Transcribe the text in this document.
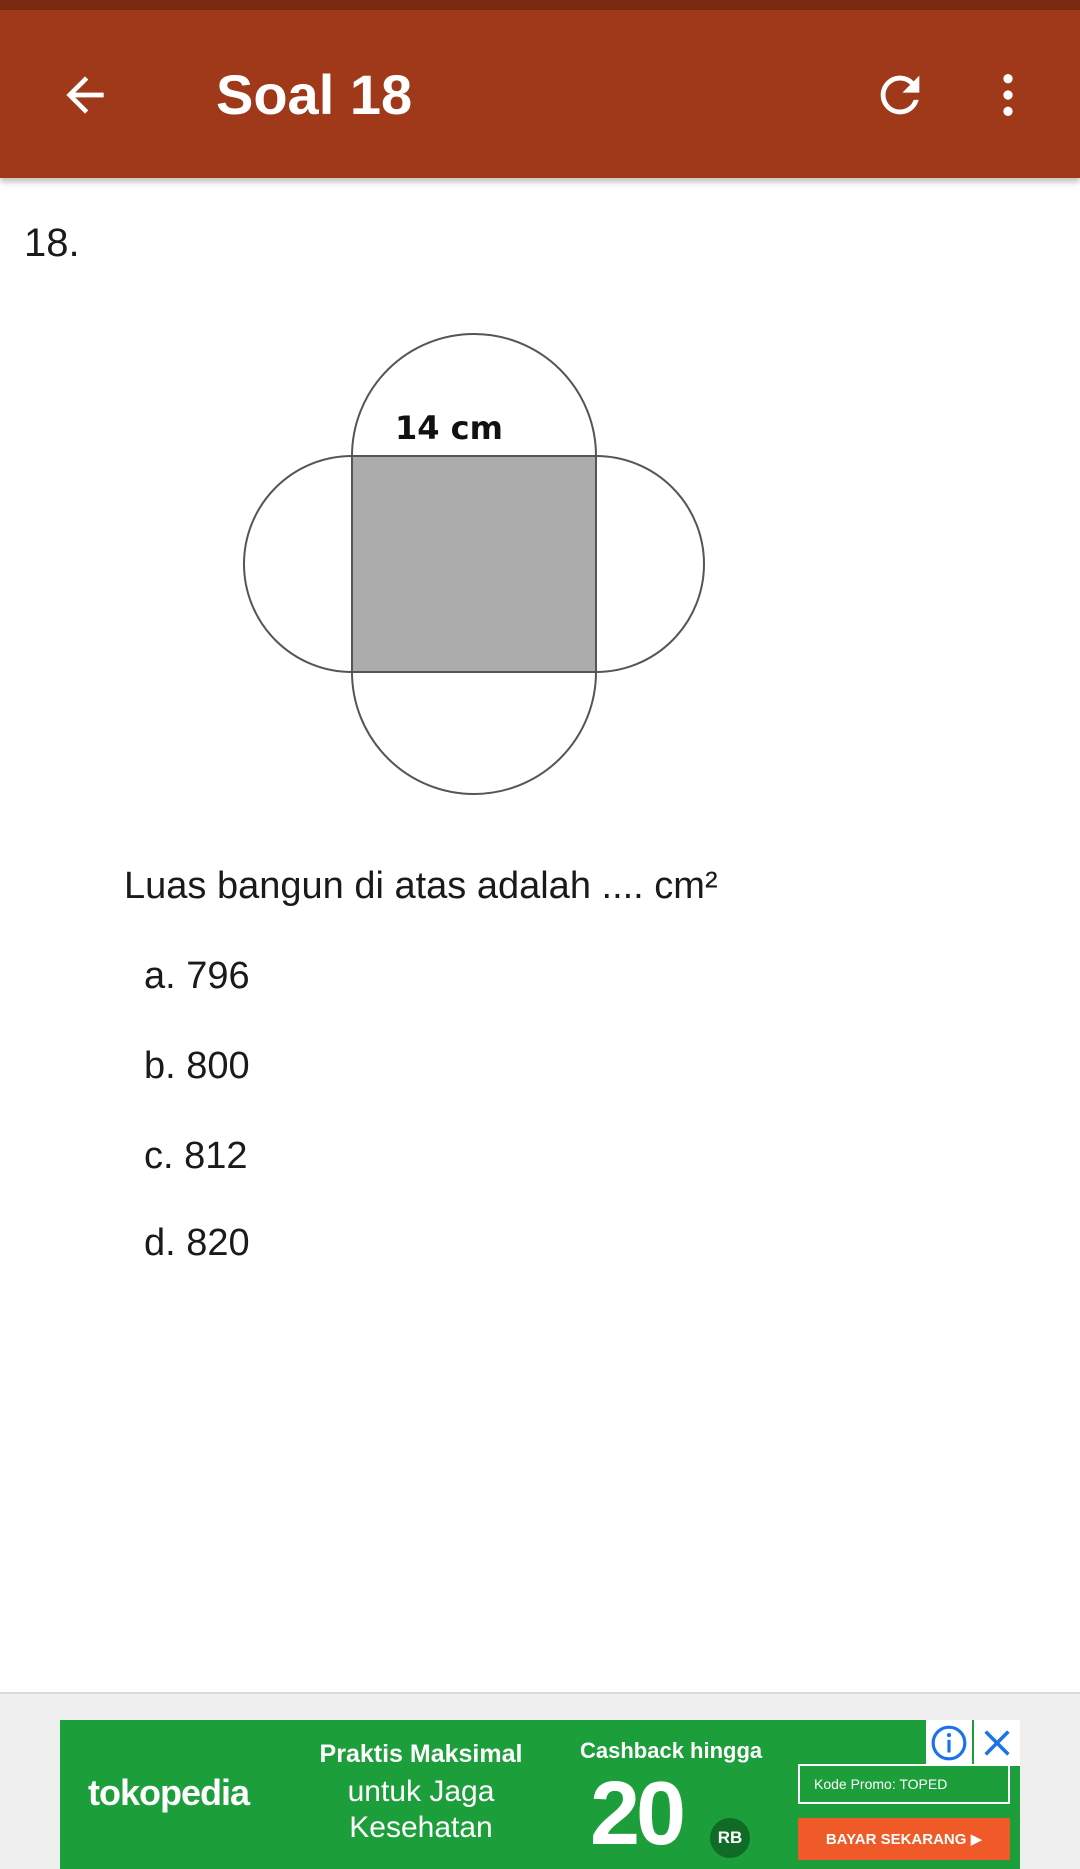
Soal 18
18.
14 cm
Luas bangun di atas adalah .... cm²
a. 796
b. 800
c. 812
d. 820
tokopedia
Praktis Maksimal
untuk Jaga
Kesehatan
Cashback hingga
20	RB
Kode Promo: TOPED
BAYAR SEKARANG ▶
